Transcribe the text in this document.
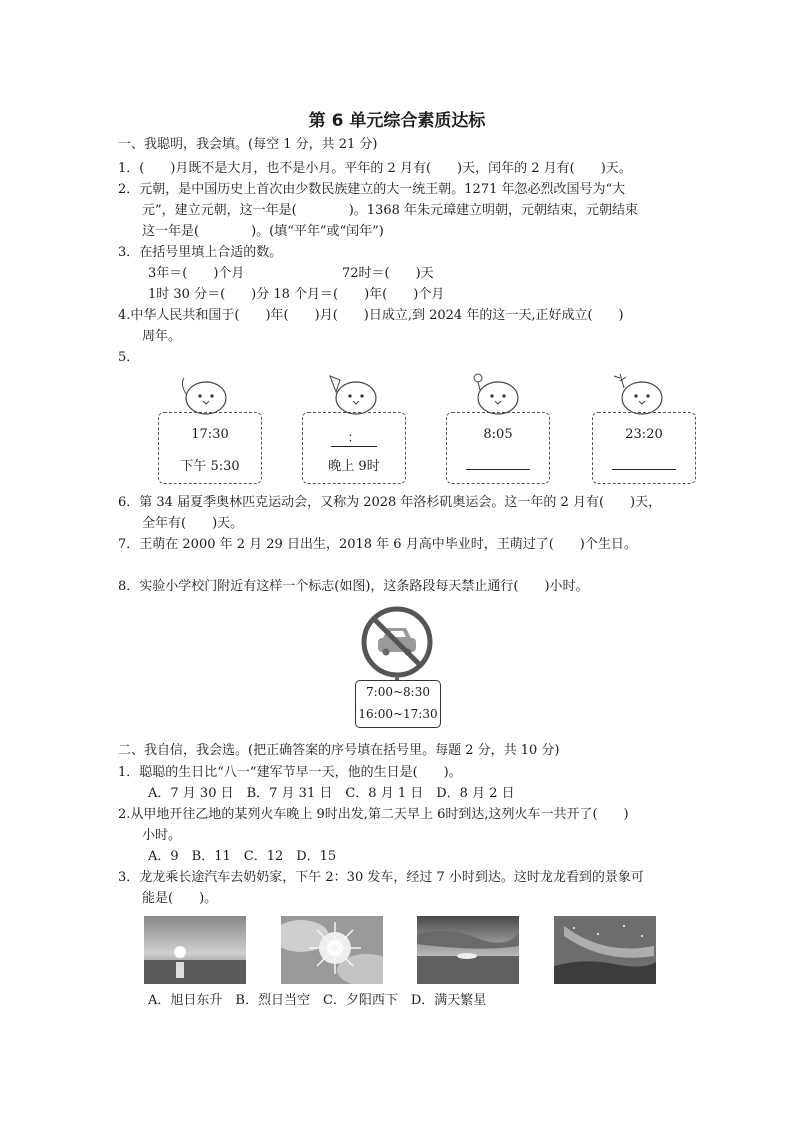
第 6 单元综合素质达标
一、我聪明，我会填。(每空 1 分，共 21 分)
1．(　　)月既不是大月，也不是小月。平年的 2 月有(　　)天，闰年的 2 月有(　　)天。
2．元朝，是中国历史上首次由少数民族建立的大一统王朝。1271 年忽必烈改国号为“大
元”，建立元朝，这一年是(　　　　)。1368 年朱元璋建立明朝，元朝结束，元朝结束
这一年是(　　　　)。(填“平年”或“闰年”)
3．在括号里填上合适的数。
3年＝(　　)个月	72时＝(　　)天
1时 30 分＝(　　)分 18 个月＝(　　)年(　　)个月
4.中华人民共和国于(　　)年(　　)月(　　)日成立,到 2024 年的这一天,正好成立(　　)
周年。
5．
17:30
下午 5:30
：
晚上 9时
8:05	23:20
6．第 34 届夏季奥林匹克运动会，又称为 2028 年洛杉矶奥运会。这一年的 2 月有(　　)天，
全年有(　　)天。
7．王萌在 2000 年 2 月 29 日出生，2018 年 6 月高中毕业时，王萌过了(　　)个生日。
8．实验小学校门附近有这样一个标志(如图)，这条路段每天禁止通行(　　)小时。
7:00~8:30
16:00~17:30
二、我自信，我会选。(把正确答案的序号填在括号里。每题 2 分，共 10 分)
1．聪聪的生日比“八一”建军节早一天，他的生日是(　　)。
A．7 月 30 日　B．7 月 31 日　C．8 月 1 日　D．8 月 2 日
2.从甲地开往乙地的某列火车晚上 9时出发,第二天早上 6时到达,这列火车一共开了(　　)
小时。
A．9　B．11　C．12　D．15
3．龙龙乘长途汽车去奶奶家，下午 2：30 发车，经过 7 小时到达。这时龙龙看到的景象可
能是(　　)。
A．旭日东升　B．烈日当空　C．夕阳西下　D．满天繁星
